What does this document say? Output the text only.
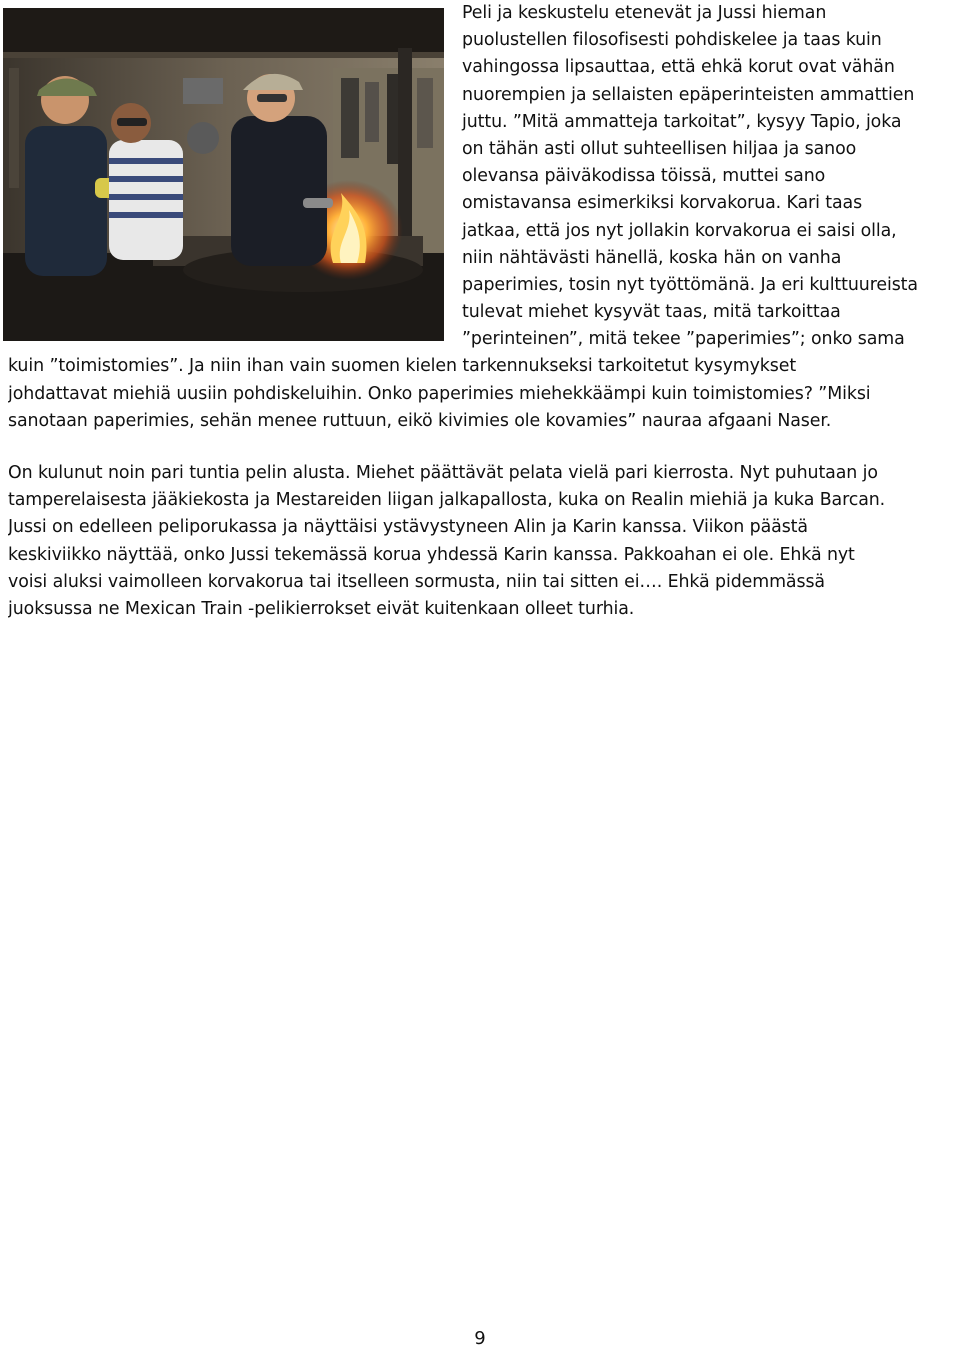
Peli ja keskustelu etenevät ja Jussi hieman
puolustellen filosofisesti pohdiskelee ja taas kuin
vahingossa lipsauttaa, että ehkä korut ovat vähän
nuorempien ja sellaisten epäperinteisten ammattien
juttu. ”Mitä ammatteja tarkoitat”, kysyy Tapio, joka
on tähän asti ollut suhteellisen hiljaa ja sanoo
olevansa päiväkodissa töissä, muttei sano
omistavansa esimerkiksi korvakorua. Kari taas
jatkaa, että jos nyt jollakin korvakorua ei saisi olla,
niin nähtävästi hänellä, koska hän on vanha
paperimies, tosin nyt työttömänä. Ja eri kulttuureista
tulevat miehet kysyvät taas, mitä tarkoittaa
”perinteinen”, mitä tekee ”paperimies”; onko sama
kuin ”toimistomies”. Ja niin ihan vain suomen kielen tarkennukseksi tarkoitetut kysymykset
johdattavat miehiä uusiin pohdiskeluihin. Onko paperimies miehekkäämpi kuin toimistomies? ”Miksi
sanotaan paperimies, sehän menee ruttuun, eikö kivimies ole kovamies” nauraa afgaani Naser.
On kulunut noin pari tuntia pelin alusta. Miehet päättävät pelata vielä pari kierrosta. Nyt puhutaan jo
tamperelaisesta jääkiekosta ja Mestareiden liigan jalkapallosta, kuka on Realin miehiä ja kuka Barcan.
Jussi on edelleen peliporukassa ja näyttäisi ystävystyneen Alin ja Karin kanssa. Viikon päästä
keskiviikko näyttää, onko Jussi tekemässä korua yhdessä Karin kanssa. Pakkoahan ei ole. Ehkä nyt
voisi aluksi vaimolleen korvakorua tai itselleen sormusta, niin tai sitten ei…. Ehkä pidemmässä
juoksussa ne Mexican Train -pelikierrokset eivät kuitenkaan olleet turhia.
9
